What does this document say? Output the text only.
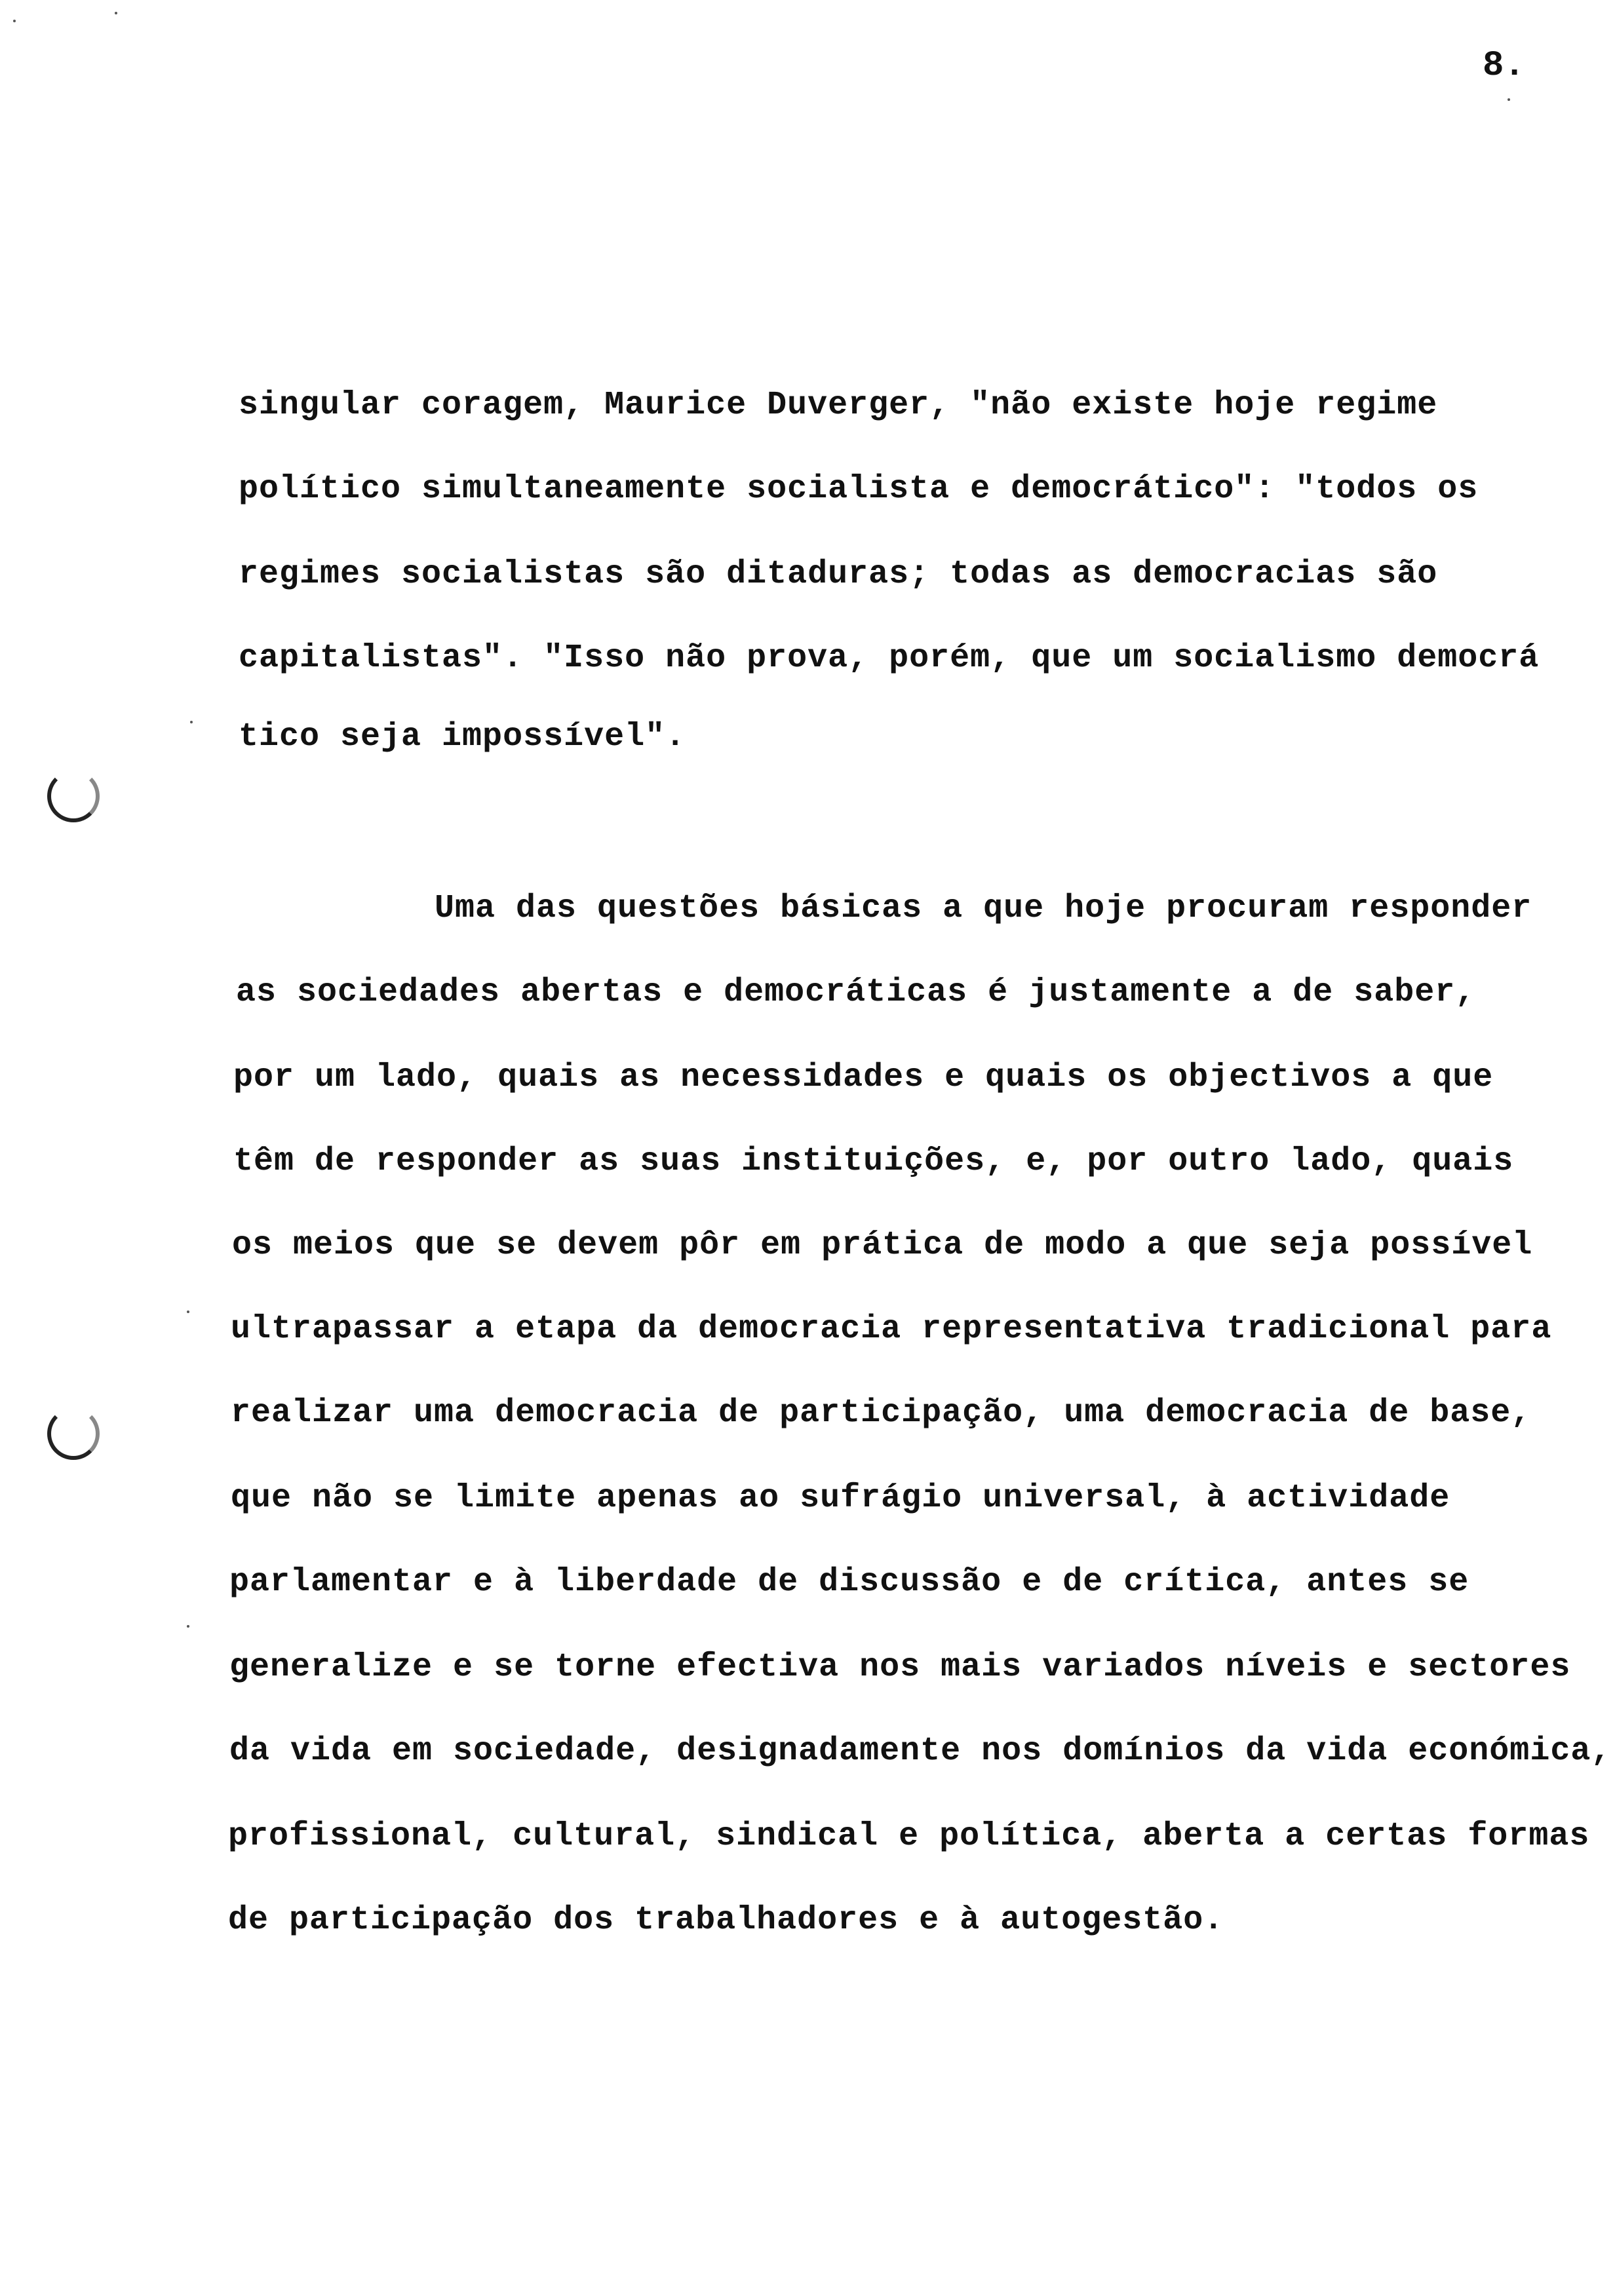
8.
singular coragem, Maurice Duverger, "não existe hoje regime
político simultaneamente socialista e democrático": "todos os
regimes socialistas são ditaduras; todas as democracias são
capitalistas". "Isso não prova, porém, que um socialismo democrá
tico seja impossível".
Uma das questões básicas a que hoje procuram responder
as sociedades abertas e democráticas é justamente a de saber,
por um lado, quais as necessidades e quais os objectivos a que
têm de responder as suas instituições, e, por outro lado, quais
os meios que se devem pôr em prática de modo a que seja possível
ultrapassar a etapa da democracia representativa tradicional para
realizar uma democracia de participação, uma democracia de base,
que não se limite apenas ao sufrágio universal, à actividade
parlamentar e à liberdade de discussão e de crítica, antes se
generalize e se torne efectiva nos mais variados níveis e sectores
da vida em sociedade, designadamente nos domínios da vida económica,
profissional, cultural, sindical e política, aberta a certas formas
de participação dos trabalhadores e à autogestão.
